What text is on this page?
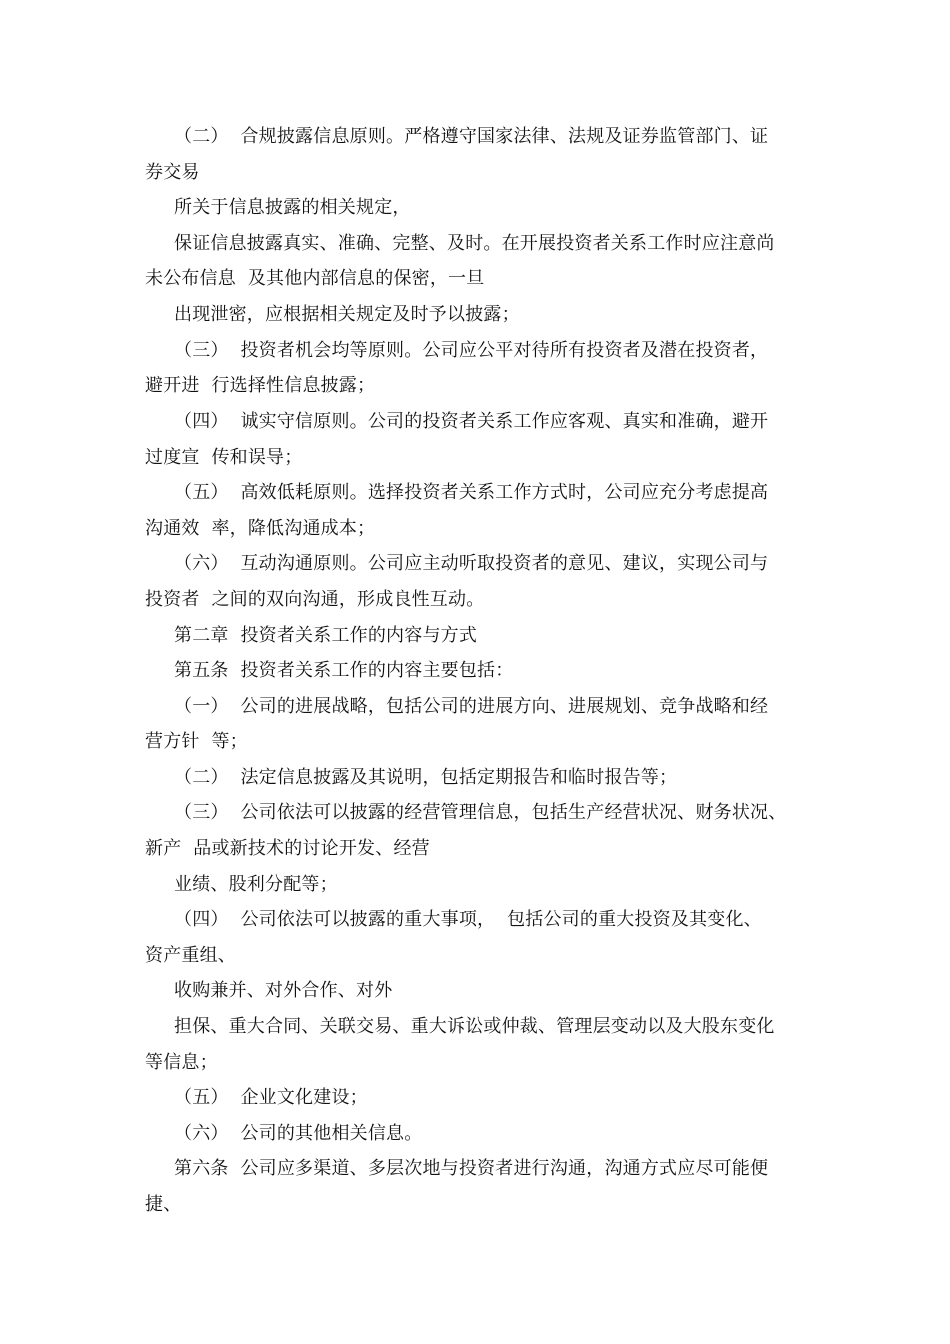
（二）  合规披露信息原则。严格遵守国家法律、法规及证券监管部门、证
券交易
所关于信息披露的相关规定，
保证信息披露真实、准确、完整、及时。在开展投资者关系工作时应注意尚
未公布信息  及其他内部信息的保密，一旦
出现泄密，应根据相关规定及时予以披露；
（三）  投资者机会均等原则。公司应公平对待所有投资者及潜在投资者，
避开进  行选择性信息披露；
（四）  诚实守信原则。公司的投资者关系工作应客观、真实和准确，避开
过度宣  传和误导；
（五）  高效低耗原则。选择投资者关系工作方式时，公司应充分考虑提高
沟通效  率，降低沟通成本；
（六）  互动沟通原则。公司应主动听取投资者的意见、建议，实现公司与
投资者  之间的双向沟通，形成良性互动。
第二章  投资者关系工作的内容与方式
第五条  投资者关系工作的内容主要包括：
（一）  公司的进展战略，包括公司的进展方向、进展规划、竞争战略和经
营方针  等；
（二）  法定信息披露及其说明，包括定期报告和临时报告等；
（三）  公司依法可以披露的经营管理信息，包括生产经营状况、财务状况、
新产  品或新技术的讨论开发、经营
业绩、股利分配等；
（四）  公司依法可以披露的重大事项，  包括公司的重大投资及其变化、
资产重组、
收购兼并、对外合作、对外
担保、重大合同、关联交易、重大诉讼或仲裁、管理层变动以及大股东变化
等信息；
（五）  企业文化建设；
（六）  公司的其他相关信息。
第六条  公司应多渠道、多层次地与投资者进行沟通，沟通方式应尽可能便
捷、
